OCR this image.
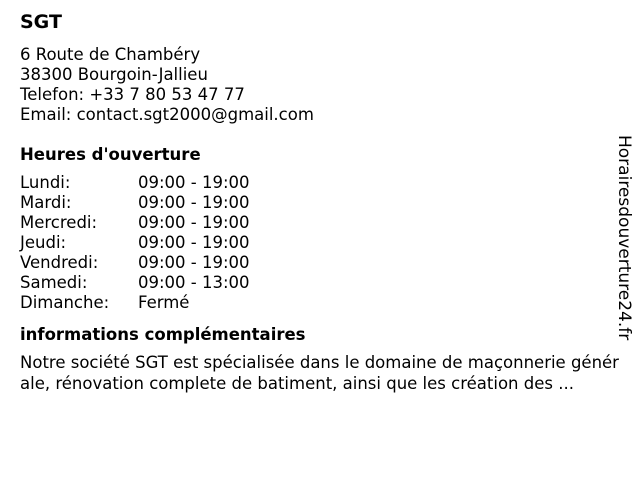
SGT
6 Route de Chambéry
38300 Bourgoin-Jallieu
Telefon: +33 7 80 53 47 77
Email: contact.sgt2000@gmail.com
Heures d'ouverture
Lundi:	09:00 - 19:00
Mardi:	09:00 - 19:00
Mercredi:	09:00 - 19:00
Jeudi:	09:00 - 19:00
Vendredi:	09:00 - 19:00
Samedi:	09:00 - 13:00
Dimanche:	Fermé
informations complémentaires
Notre société SGT est spécialisée dans le domaine de maçonnerie générale, rénovation complete de batiment, ainsi que les création des ...
Horairesdouverture24.fr
